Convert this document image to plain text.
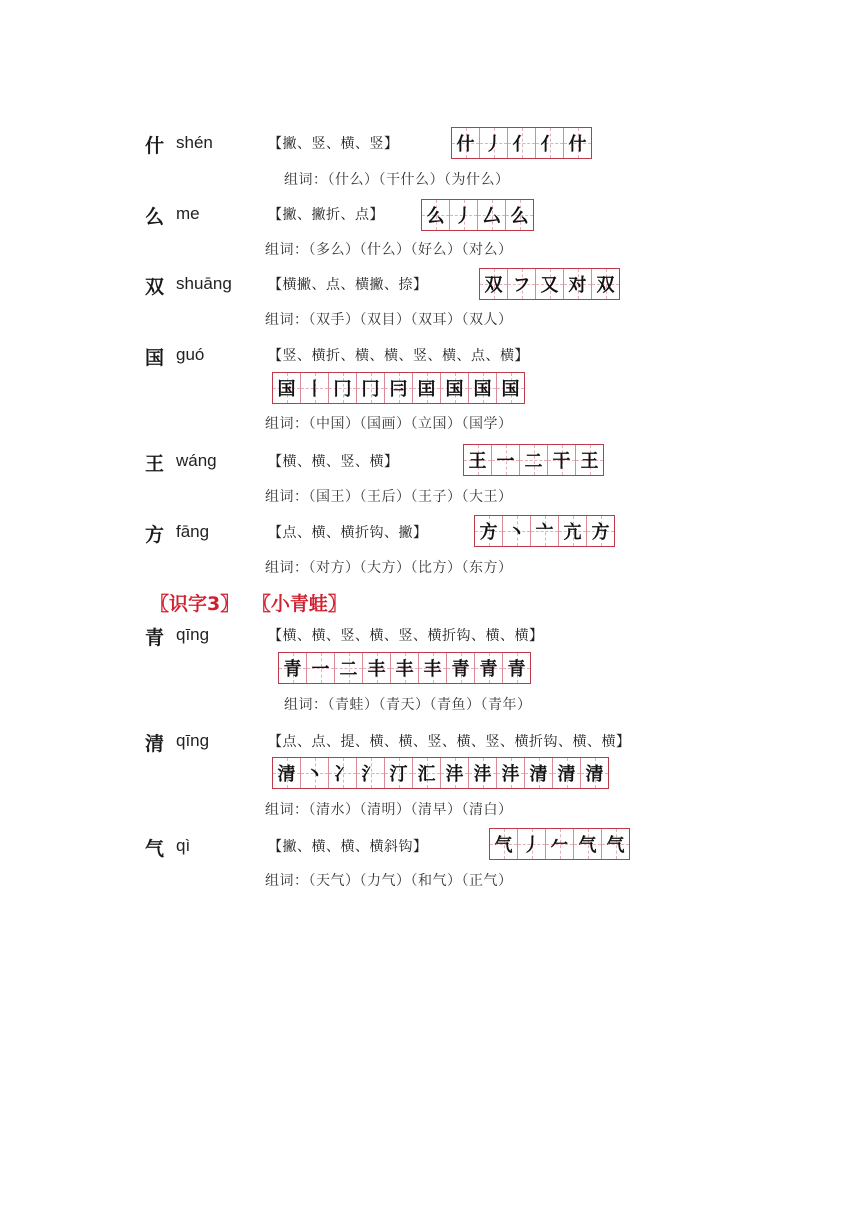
什 shén	【撇、竖、横、竖】	什 丿 亻 亻 什
组词：（什么）（干什么）（为什么）
么 me	【撇、撇折、点】 么 丿 厶 么
组词：（多么）（什么）（好么）（对么）
双 shuāng	【横撇、点、横撇、捺】	双 フ 又 对 双
组词：（双手）（双目）（双耳）（双人）
国 guó	【竖、横折、横、横、竖、横、点、横】
国 丨 冂 冂 冃 囯 国 国 国
组词：（中国）（国画）（立国）（国学）
王 wáng	【横、横、竖、横】	王 一 二 干 王
组词：（国王）（王后）（王子）（大王）
方 fāng	【点、横、横折钩、撇】	方 丶 亠 亢 方
组词：（对方）（大方）（比方）（东方）
〖识字3〗 〖小青蛙〗
青 qīng	【横、横、竖、横、竖、横折钩、横、横】
青 一 二 丰 丰 丰 青 青 青
组词：（青蛙）（青天）（青鱼）（青年）
清 qīng	【点、点、提、横、横、竖、横、竖、横折钩、横、横】
清 丶 冫 氵 汀 汇 沣 沣 沣 清 清 清
组词：（清水）（清明）（清早）（清白）
气 qì	【撇、横、横、横斜钩】	气 丿 𠂉 气 气
组词：（天气）（力气）（和气）（正气）
